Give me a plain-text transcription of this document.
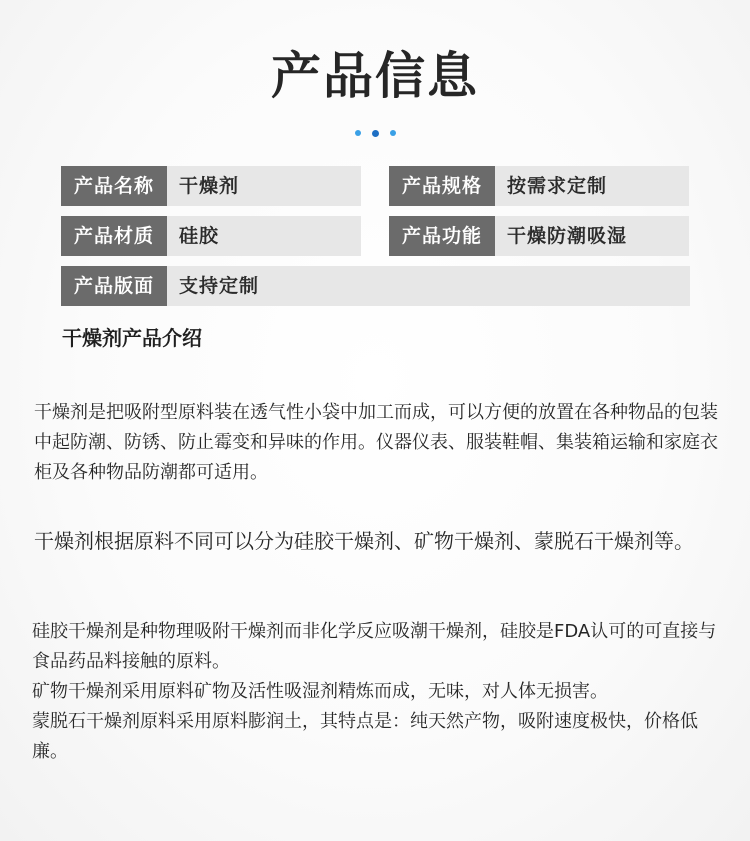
产品信息
产品名称	干燥剂	产品规格	按需求定制
产品材质	硅胶	产品功能	干燥防潮吸湿
产品版面	支持定制
干燥剂产品介绍

干燥剂是把吸附型原料装在透气性小袋中加工而成，可以方便的放置在各种物品的包装中起防潮、防锈、防止霉变和异味的作用。仪器仪表、服装鞋帽、集装箱运输和家庭衣柜及各种物品防潮都可适用。

干燥剂根据原料不同可以分为硅胶干燥剂、矿物干燥剂、蒙脱石干燥剂等。

硅胶干燥剂是种物理吸附干燥剂而非化学反应吸潮干燥剂，硅胶是FDA认可的可直接与食品药品料接触的原料。
矿物干燥剂采用原料矿物及活性吸湿剂精炼而成，无味，对人体无损害。
蒙脱石干燥剂原料采用原料膨润土，其特点是：纯天然产物，吸附速度极快，价格低廉。
